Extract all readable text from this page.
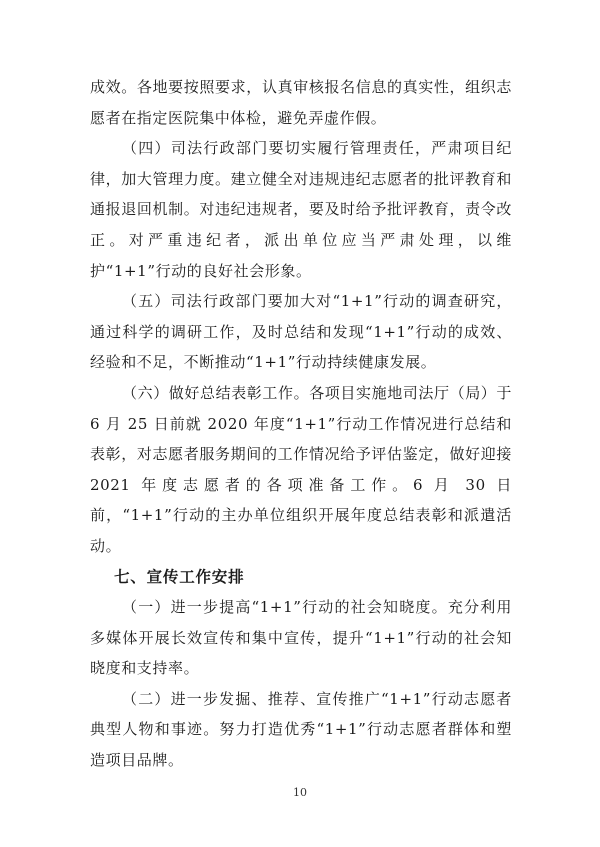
成效。各地要按照要求，认真审核报名信息的真实性，组织志愿者在指定医院集中体检，避免弄虚作假。

（四）司法行政部门要切实履行管理责任，严肃项目纪律，加大管理力度。建立健全对违规违纪志愿者的批评教育和通报退回机制。对违纪违规者，要及时给予批评教育，责令改正。对严重违纪者，派出单位应当严肃处理，以维护“1+1”行动的良好社会形象。

（五）司法行政部门要加大对“1+1”行动的调查研究，通过科学的调研工作，及时总结和发现“1+1”行动的成效、经验和不足，不断推动“1+1”行动持续健康发展。

（六）做好总结表彰工作。各项目实施地司法厅（局）于 6 月 25 日前就 2020 年度“1+1”行动工作情况进行总结和表彰，对志愿者服务期间的工作情况给予评估鉴定，做好迎接 2021 年度志愿者的各项准备工作。6 月 30 日前，“1+1”行动的主办单位组织开展年度总结表彰和派遣活动。

七、宣传工作安排

（一）进一步提高“1+1”行动的社会知晓度。充分利用多媒体开展长效宣传和集中宣传，提升“1+1”行动的社会知晓度和支持率。

（二）进一步发掘、推荐、宣传推广“1+1”行动志愿者典型人物和事迹。努力打造优秀“1+1”行动志愿者群体和塑造项目品牌。

10
